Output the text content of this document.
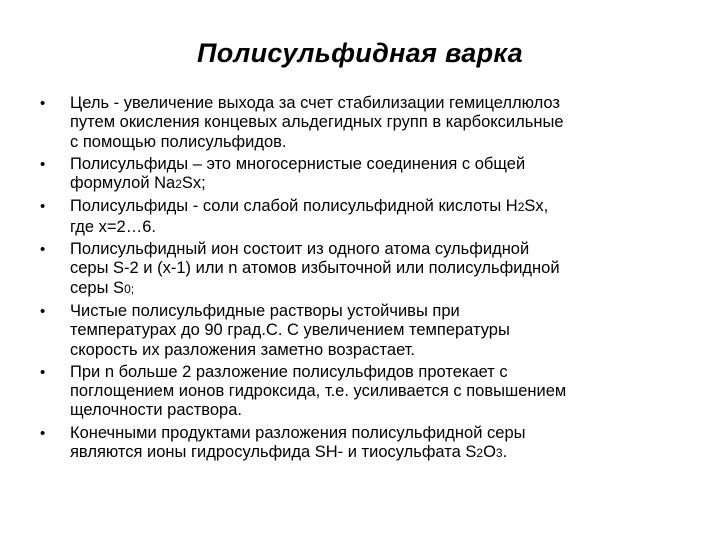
Полисульфидная варка
•	Цель - увеличение выхода за счет стабилизации гемицеллюлоз
путем окисления концевых альдегидных групп в карбоксильные
с помощью полисульфидов.
•	Полисульфиды – это многосернистые соединения с общей
формулой Na2Sx;
•	Полисульфиды - соли слабой полисульфидной кислоты H2Sx,
где x=2…6.
•	Полисульфидный ион состоит из одного атома сульфидной
серы S-2 и (x-1) или n атомов избыточной или полисульфидной
серы S0;
•	Чистые полисульфидные растворы устойчивы при
температурах до 90 град.С. С увеличением температуры
скорость их разложения заметно возрастает.
•	При n больше 2 разложение полисульфидов протекает с
поглощением ионов гидроксида, т.е. усиливается с повышением
щелочности раствора.
•	Конечными продуктами разложения полисульфидной серы
являются ионы гидросульфида SH- и тиосульфата S2O3.
